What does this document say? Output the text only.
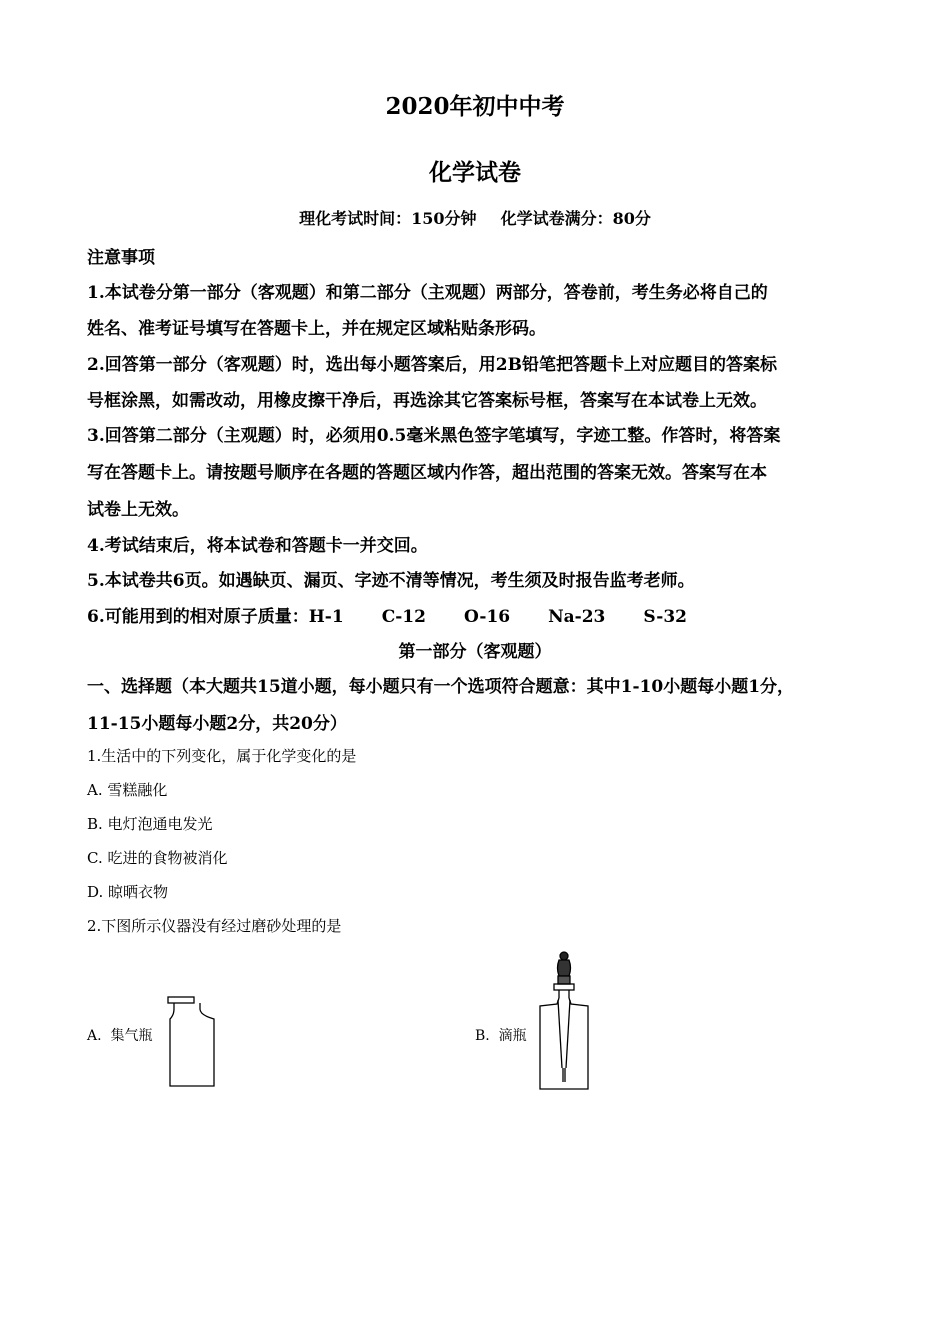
2020年初中中考
化学试卷
理化考试时间：150分钟 化学试卷满分：80分
注意事项
1.本试卷分第一部分（客观题）和第二部分（主观题）两部分，答卷前，考生务必将自己的
姓名、准考证号填写在答题卡上，并在规定区域粘贴条形码。
2.回答第一部分（客观题）时，选出每小题答案后，用2B铅笔把答题卡上对应题目的答案标
号框涂黑，如需改动，用橡皮擦干净后，再选涂其它答案标号框，答案写在本试卷上无效。
3.回答第二部分（主观题）时，必须用0.5毫米黑色签字笔填写，字迹工整。作答时，将答案
写在答题卡上。请按题号顺序在各题的答题区域内作答，超出范围的答案无效。答案写在本
试卷上无效。
4.考试结束后，将本试卷和答题卡一并交回。
5.本试卷共6页。如遇缺页、漏页、字迹不清等情况，考生须及时报告监考老师。
6.可能用到的相对原子质量：H-1 C-12 O-16 Na-23 S-32
第一部分（客观题）
一、选择题（本大题共15道小题，每小题只有一个选项符合题意：其中1-10小题每小题1分，
11-15小题每小题2分，共20分）
1.生活中的下列变化，属于化学变化的是
A. 雪糕融化
B. 电灯泡通电发光
C. 吃进的食物被消化
D. 晾晒衣物
2.下图所示仪器没有经过磨砂处理的是
A. 集气瓶	B. 滴瓶
